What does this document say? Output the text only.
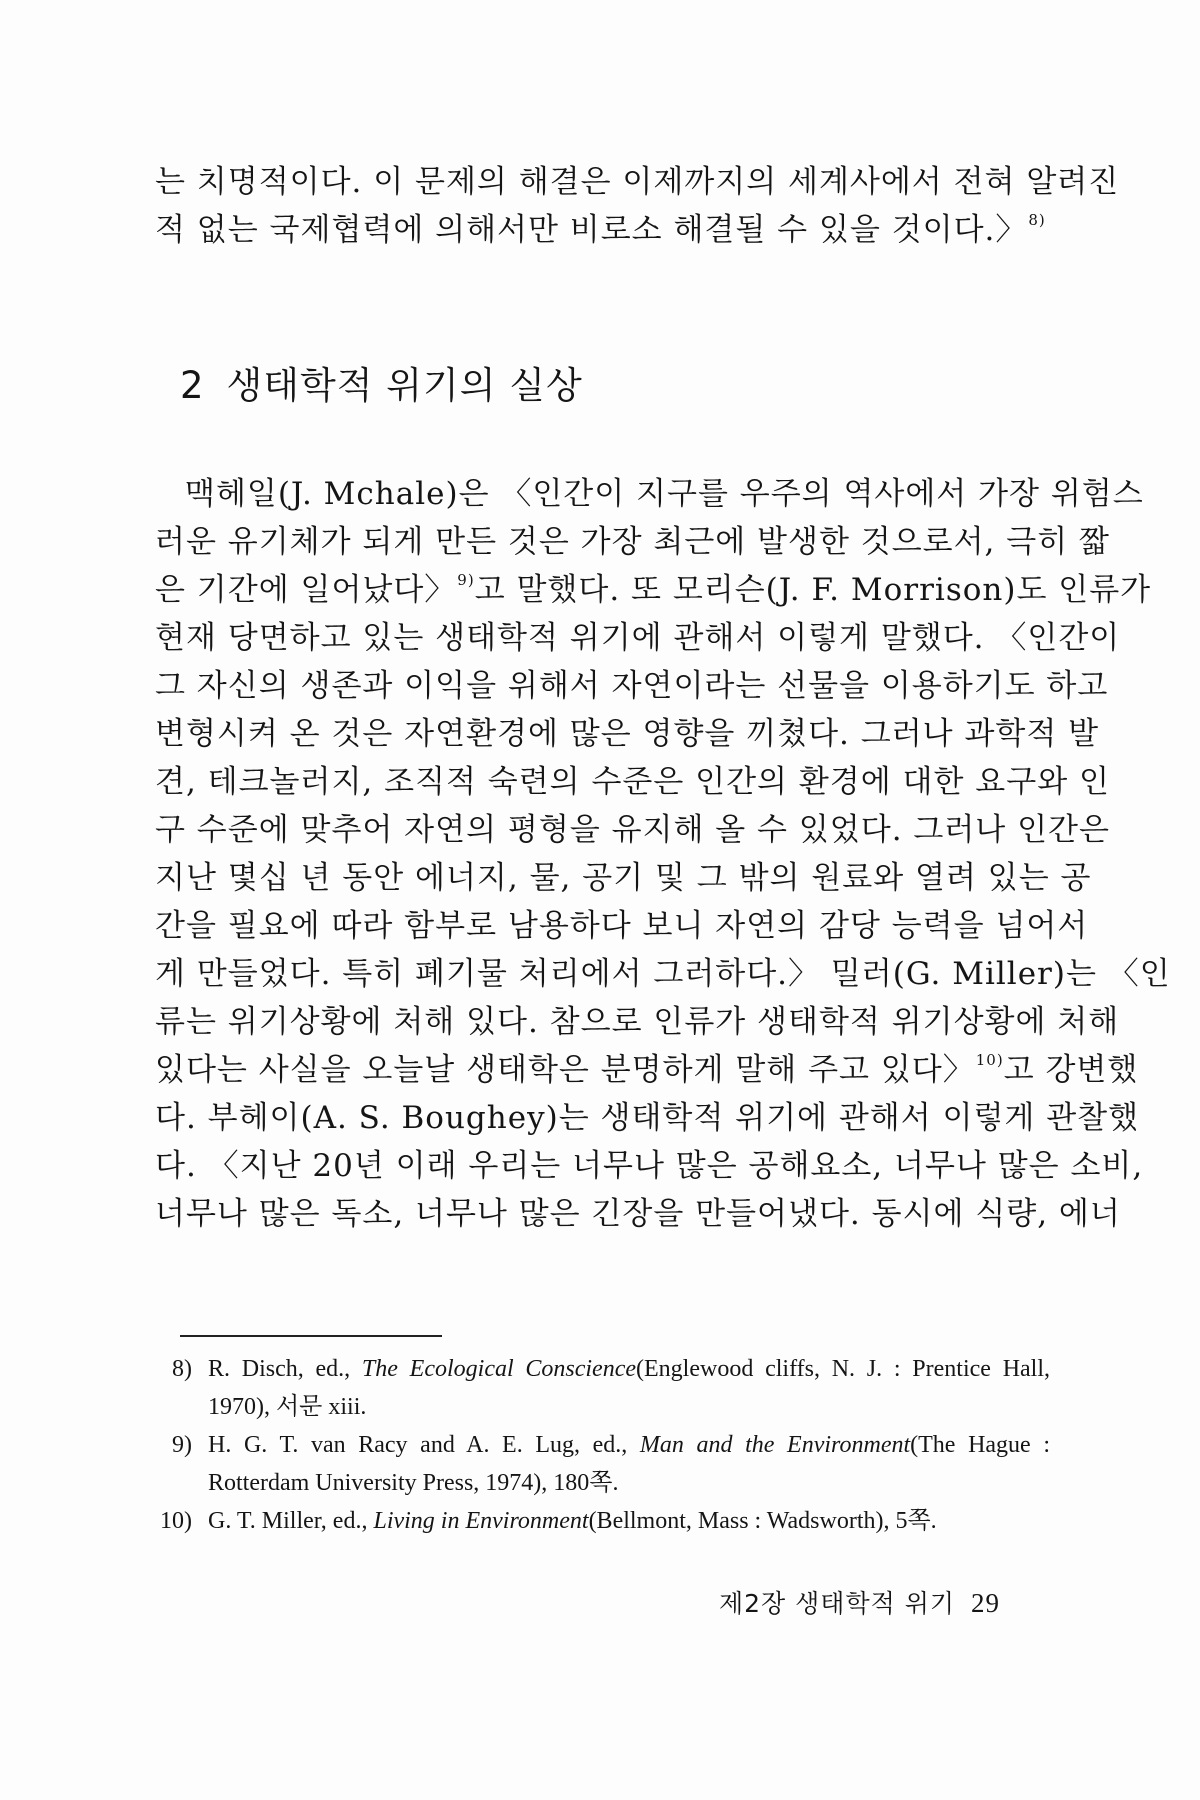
는 치명적이다. 이 문제의 해결은 이제까지의 세계사에서 전혀 알려진
적 없는 국제협력에 의해서만 비로소 해결될 수 있을 것이다.〉$^{8)}$
2 생태학적 위기의 실상
맥헤일(J. Mchale)은 〈인간이 지구를 우주의 역사에서 가장 위험스
러운 유기체가 되게 만든 것은 가장 최근에 발생한 것으로서, 극히 짧
은 기간에 일어났다〉$^{9)}$고 말했다. 또 모리슨(J. F. Morrison)도 인류가
현재 당면하고 있는 생태학적 위기에 관해서 이렇게 말했다. 〈인간이
그 자신의 생존과 이익을 위해서 자연이라는 선물을 이용하기도 하고
변형시켜 온 것은 자연환경에 많은 영향을 끼쳤다. 그러나 과학적 발
견, 테크놀러지, 조직적 숙련의 수준은 인간의 환경에 대한 요구와 인
구 수준에 맞추어 자연의 평형을 유지해 올 수 있었다. 그러나 인간은
지난 몇십 년 동안 에너지, 물, 공기 및 그 밖의 원료와 열려 있는 공
간을 필요에 따라 함부로 남용하다 보니 자연의 감당 능력을 넘어서
게 만들었다. 특히 폐기물 처리에서 그러하다.〉 밀러(G. Miller)는 〈인
류는 위기상황에 처해 있다. 참으로 인류가 생태학적 위기상황에 처해
있다는 사실을 오늘날 생태학은 분명하게 말해 주고 있다〉$^{10)}$고 강변했
다. 부헤이(A. S. Boughey)는 생태학적 위기에 관해서 이렇게 관찰했
다. 〈지난 20년 이래 우리는 너무나 많은 공해요소, 너무나 많은 소비,
너무나 많은 독소, 너무나 많은 긴장을 만들어냈다. 동시에 식량, 에너
8) R. Disch, ed., The Ecological Conscience(Englewood cliffs, N. J. : Prentice Hall,
1970), 서문 xiii.
9) H. G. T. van Racy and A. E. Lug, ed., Man and the Environment(The Hague :
Rotterdam University Press, 1974), 180쪽.
10) G. T. Miller, ed., Living in Environment(Bellmont, Mass : Wadsworth), 5쪽.
제2장 생태학적 위기 29
